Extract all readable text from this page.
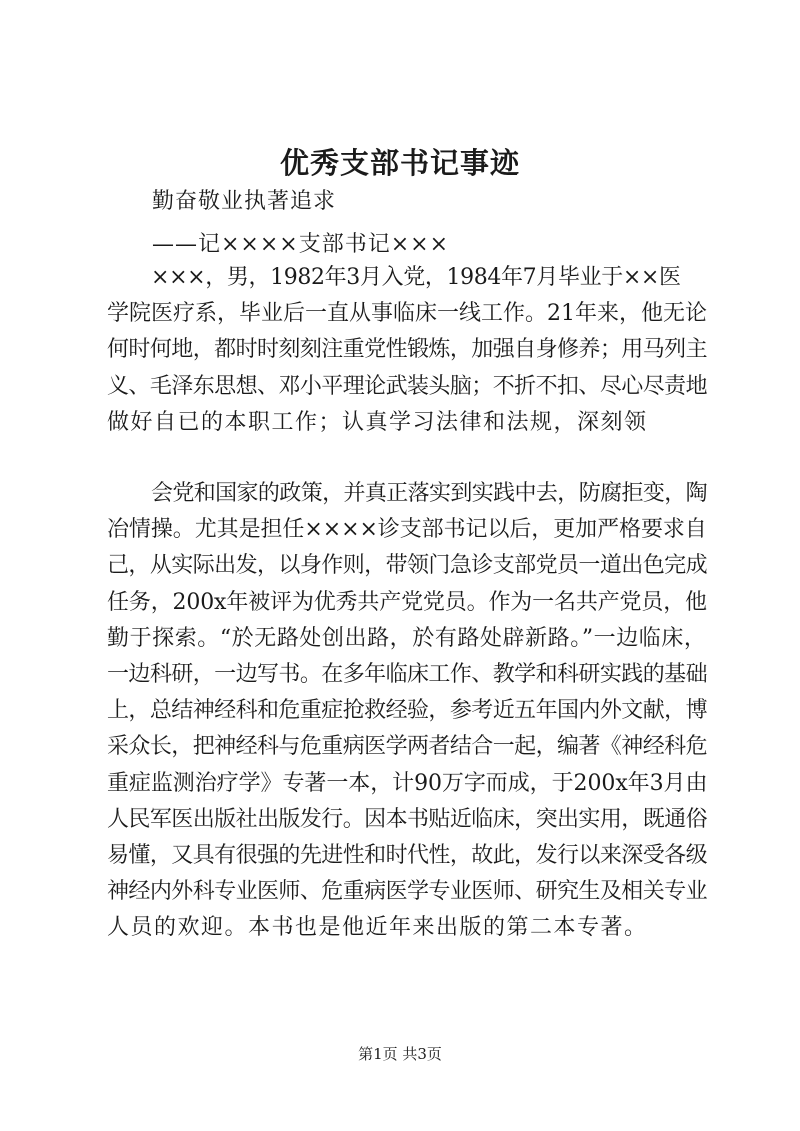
优秀支部书记事迹

勤奋敬业执著追求

——记××××支部书记×××

×××，男，1982年3月入党，1984年7月毕业于××医
学院医疗系，毕业后一直从事临床一线工作。21年来，他无论
何时何地，都时时刻刻注重党性锻炼，加强自身修养；用马列主
义、毛泽东思想、邓小平理论武装头脑；不折不扣、尽心尽责地
做好自已的本职工作；认真学习法律和法规，深刻领
会党和国家的政策，并真正落实到实践中去，防腐拒变，陶
冶情操。尤其是担任××××诊支部书记以后，更加严格要求自
己，从实际出发，以身作则，带领门急诊支部党员一道出色完成
任务，200x年被评为优秀共产党党员。作为一名共产党员，他
勤于探索。“於无路处创出路，於有路处辟新路。”一边临床，
一边科研，一边写书。在多年临床工作、教学和科研实践的基础
上，总结神经科和危重症抢救经验，参考近五年国内外文献，博
采众长，把神经科与危重病医学两者结合一起，编著《神经科危
重症监测治疗学》专著一本，计90万字而成，于200x年3月由
人民军医出版社出版发行。因本书贴近临床，突出实用，既通俗
易懂，又具有很强的先进性和时代性，故此，发行以来深受各级
神经内外科专业医师、危重病医学专业医师、研究生及相关专业
人员的欢迎。本书也是他近年来出版的第二本专著。

第1页 共3页
